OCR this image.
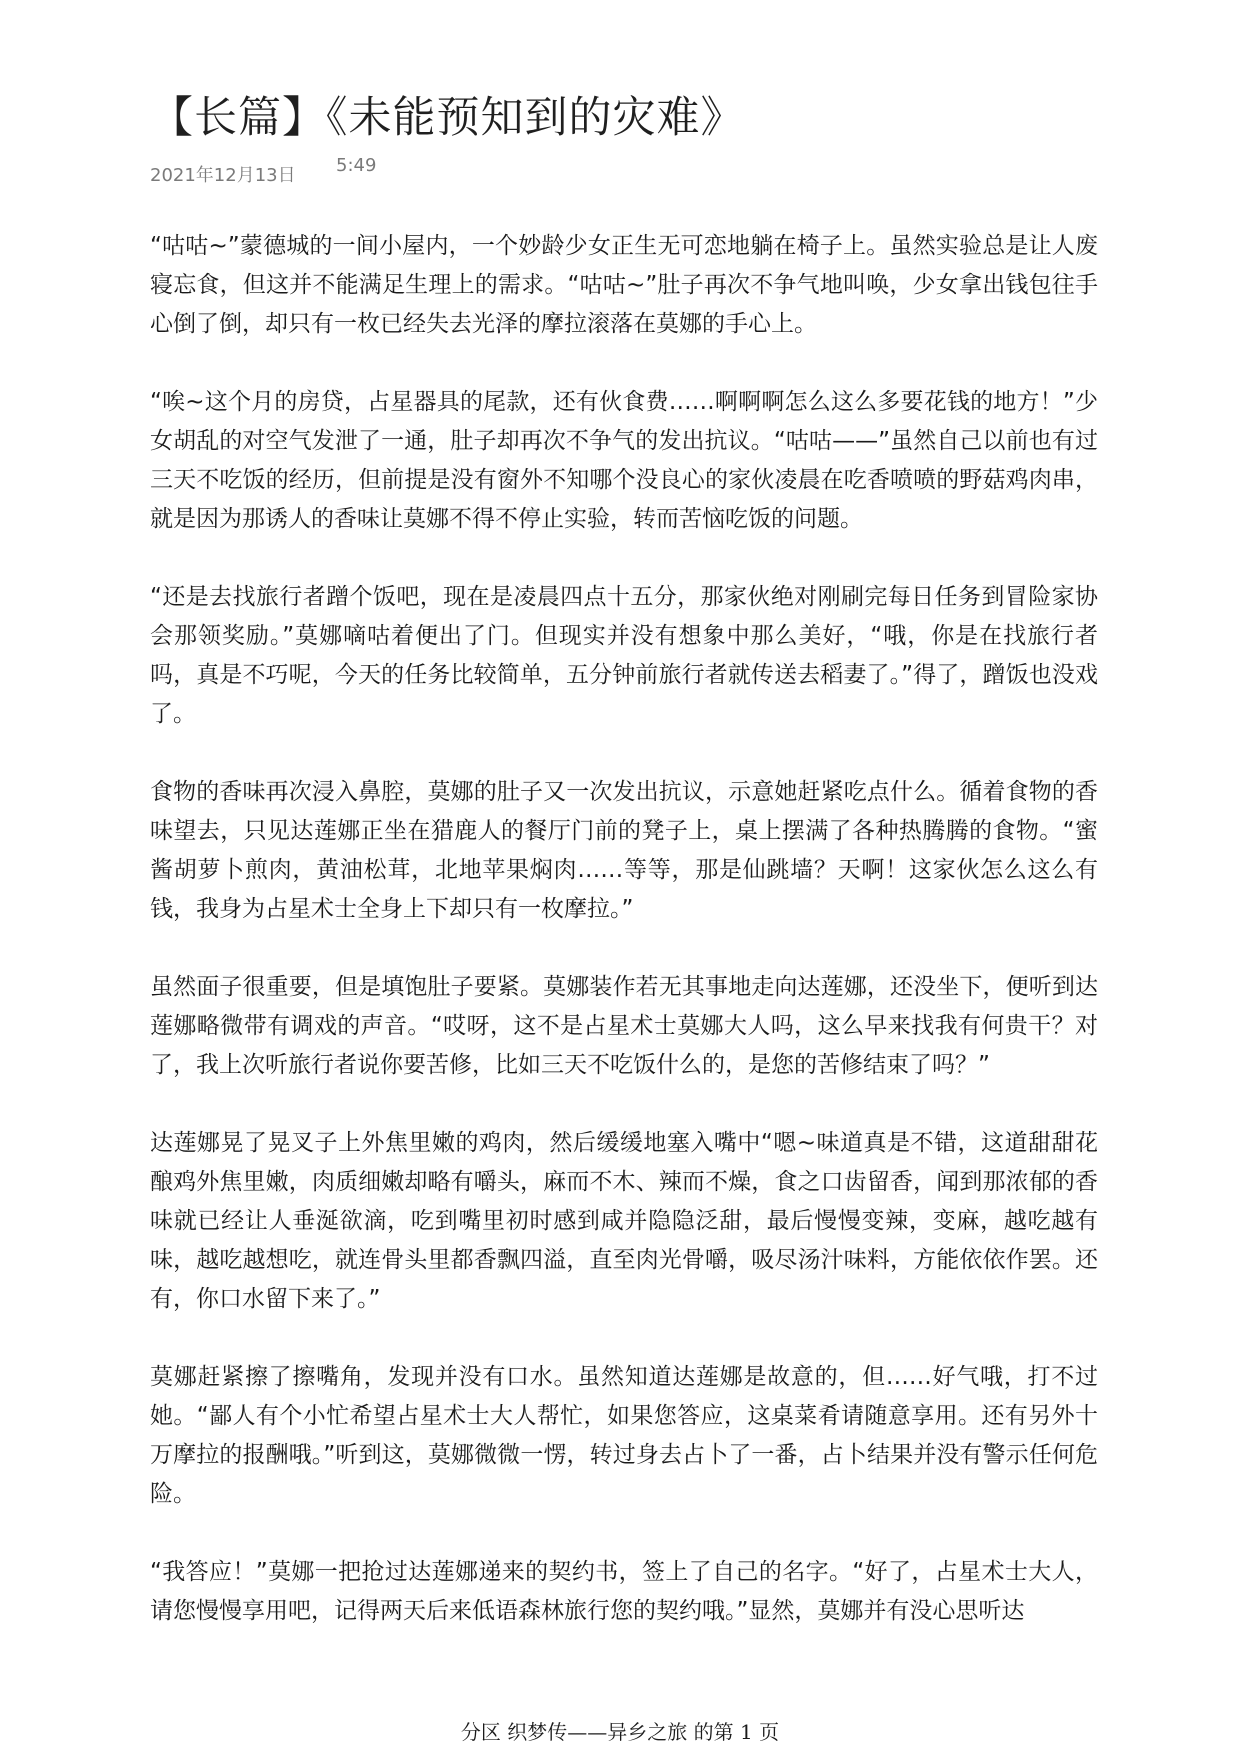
【长篇】《未能预知到的灾难》
2021年12月13日 5:49

“咕咕~”蒙德城的一间小屋内，一个妙龄少女正生无可恋地躺在椅子上。虽然实验总是让人废寝忘食，但这并不能满足生理上的需求。“咕咕~”肚子再次不争气地叫唤，少女拿出钱包往手心倒了倒，却只有一枚已经失去光泽的摩拉滚落在莫娜的手心上。

“唉~这个月的房贷，占星器具的尾款，还有伙食费……啊啊啊怎么这么多要花钱的地方！”少女胡乱的对空气发泄了一通，肚子却再次不争气的发出抗议。“咕咕——”虽然自己以前也有过三天不吃饭的经历，但前提是没有窗外不知哪个没良心的家伙凌晨在吃香喷喷的野菇鸡肉串，就是因为那诱人的香味让莫娜不得不停止实验，转而苦恼吃饭的问题。

“还是去找旅行者蹭个饭吧，现在是凌晨四点十五分，那家伙绝对刚刷完每日任务到冒险家协会那领奖励。”莫娜嘀咕着便出了门。但现实并没有想象中那么美好，“哦，你是在找旅行者吗，真是不巧呢，今天的任务比较简单，五分钟前旅行者就传送去稻妻了。”得了，蹭饭也没戏了。

食物的香味再次浸入鼻腔，莫娜的肚子又一次发出抗议，示意她赶紧吃点什么。循着食物的香味望去，只见达莲娜正坐在猎鹿人的餐厅门前的凳子上，桌上摆满了各种热腾腾的食物。“蜜酱胡萝卜煎肉，黄油松茸，北地苹果焖肉……等等，那是仙跳墙？天啊！这家伙怎么这么有钱，我身为占星术士全身上下却只有一枚摩拉。”

虽然面子很重要，但是填饱肚子要紧。莫娜装作若无其事地走向达莲娜，还没坐下，便听到达莲娜略微带有调戏的声音。“哎呀，这不是占星术士莫娜大人吗，这么早来找我有何贵干？对了，我上次听旅行者说你要苦修，比如三天不吃饭什么的，是您的苦修结束了吗？”

达莲娜晃了晃叉子上外焦里嫩的鸡肉，然后缓缓地塞入嘴中“嗯~味道真是不错，这道甜甜花酿鸡外焦里嫩，肉质细嫩却略有嚼头，麻而不木、辣而不燥，食之口齿留香，闻到那浓郁的香味就已经让人垂涎欲滴，吃到嘴里初时感到咸并隐隐泛甜，最后慢慢变辣，变麻，越吃越有味，越吃越想吃，就连骨头里都香飘四溢，直至肉光骨嚼，吸尽汤汁味料，方能依依作罢。还有，你口水留下来了。”

莫娜赶紧擦了擦嘴角，发现并没有口水。虽然知道达莲娜是故意的，但……好气哦，打不过她。“鄙人有个小忙希望占星术士大人帮忙，如果您答应，这桌菜肴请随意享用。还有另外十万摩拉的报酬哦。”听到这，莫娜微微一愣，转过身去占卜了一番，占卜结果并没有警示任何危险。

“我答应！”莫娜一把抢过达莲娜递来的契约书，签上了自己的名字。“好了，占星术士大人，请您慢慢享用吧，记得两天后来低语森林旅行您的契约哦。”显然，莫娜并有没心思听达

分区 织梦传——异乡之旅 的第 1 页
